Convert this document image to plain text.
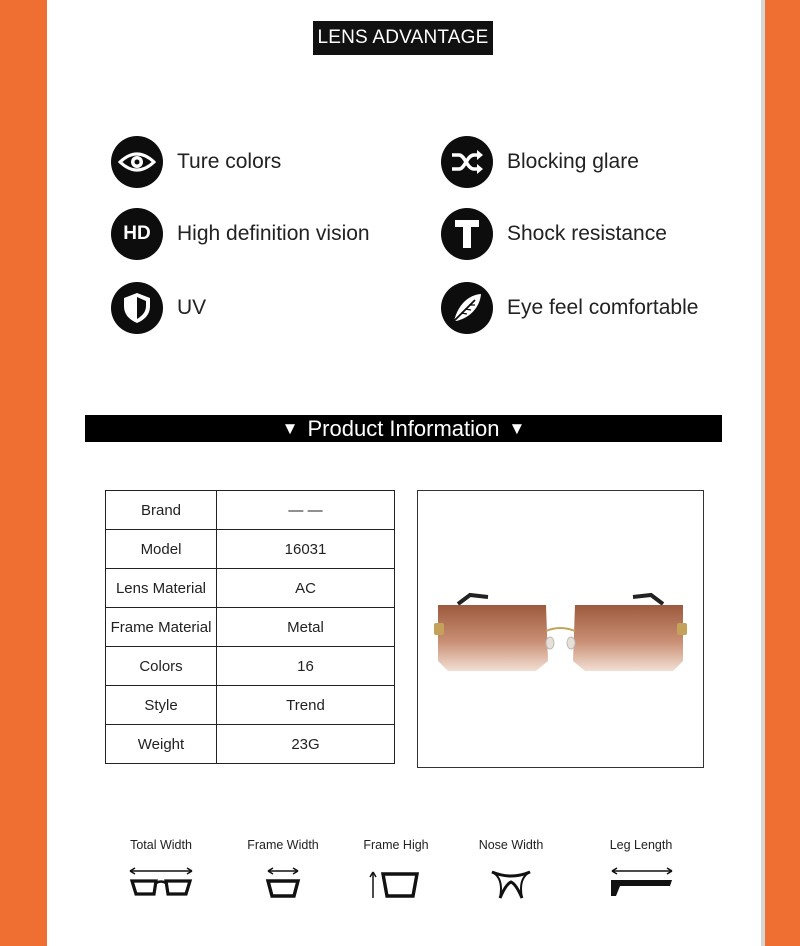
LENS ADVANTAGE
Ture colors	Blocking glare
HD High definition vision	Shock resistance
UV	Eye feel comfortable
▼ Product Information ▼
Brand	— —
Model	16031
Lens Material	AC
Frame Material	Metal
Colors	16
Style	Trend
Weight	23G
Total Width	Frame Width	Frame High	Nose Width	Leg Length
